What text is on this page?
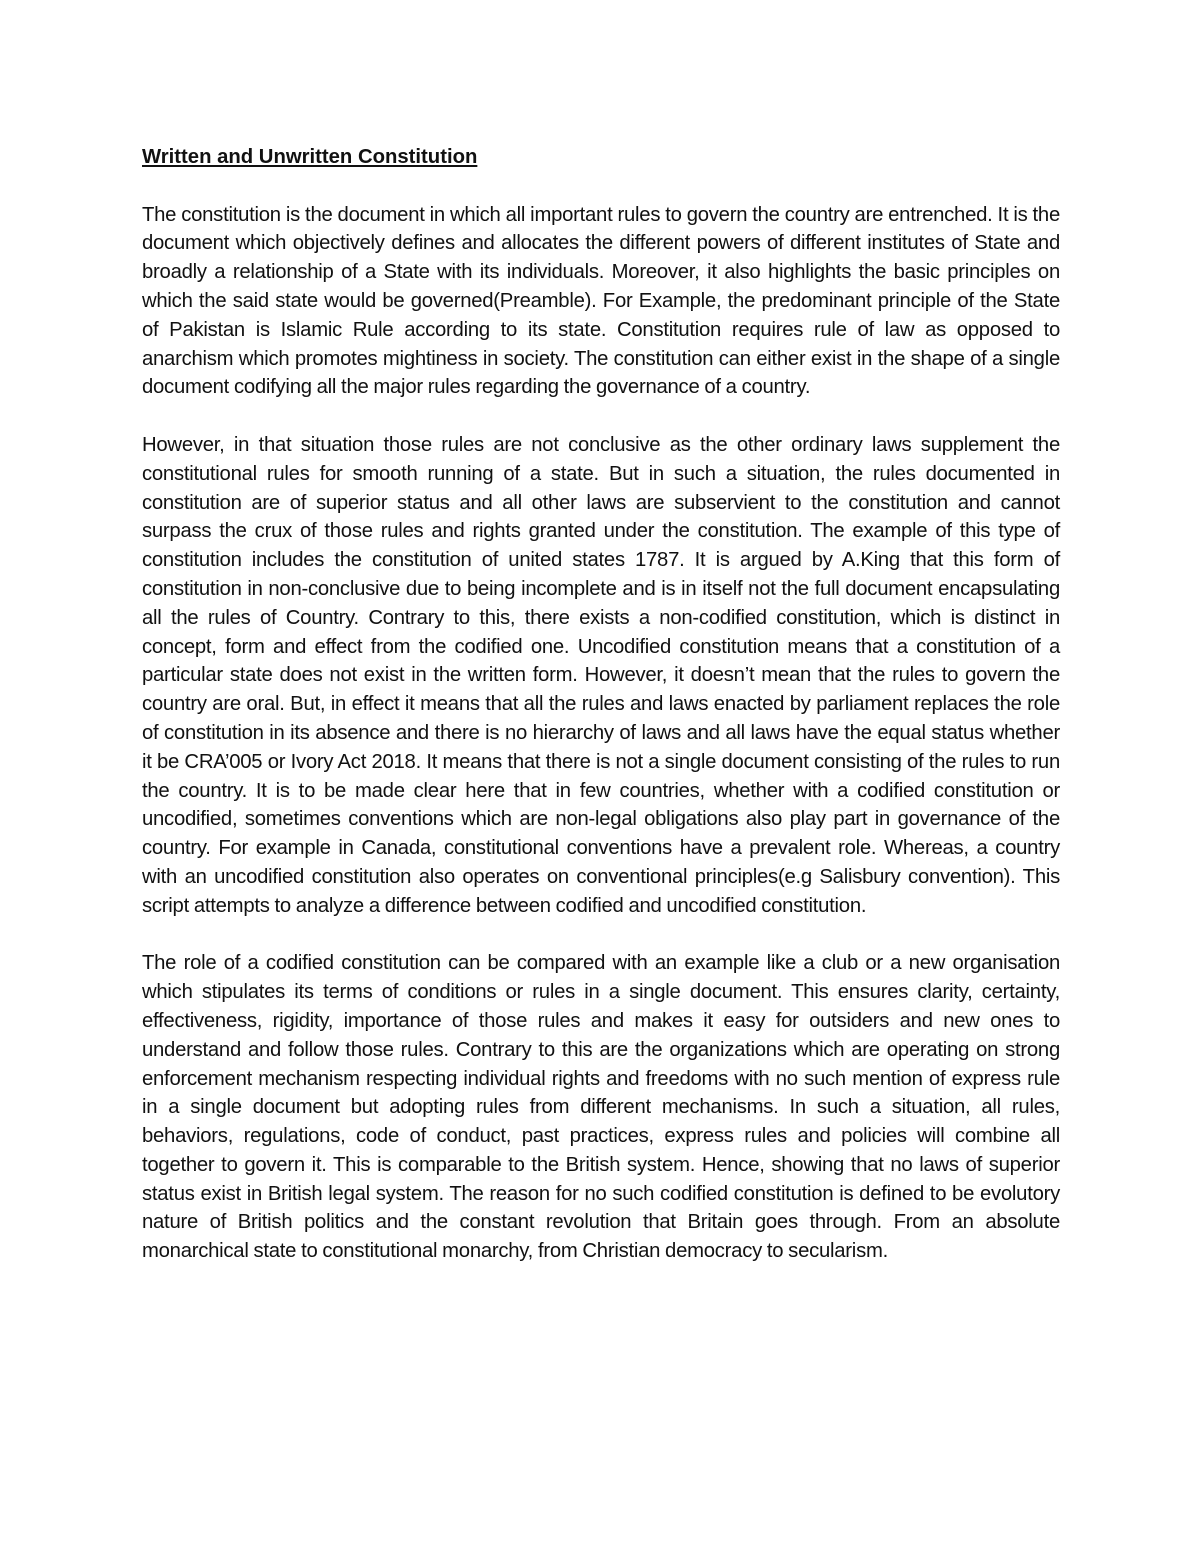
Written and Unwritten Constitution

The constitution is the document in which all important rules to govern the country are entrenched. It is the document which objectively defines and allocates the different powers of different institutes of State and broadly a relationship of a State with its individuals. Moreover, it also highlights the basic principles on which the said state would be governed(Preamble). For Example, the predominant principle of the State of Pakistan is Islamic Rule according to its state. Constitution requires rule of law as opposed to anarchism which promotes mightiness in society. The constitution can either exist in the shape of a single document codifying all the major rules regarding the governance of a country.

However, in that situation those rules are not conclusive as the other ordinary laws supplement the constitutional rules for smooth running of a state. But in such a situation, the rules documented in constitution are of superior status and all other laws are subservient to the constitution and cannot surpass the crux of those rules and rights granted under the constitution. The example of this type of constitution includes the constitution of united states 1787. It is argued by A.King that this form of constitution in non-conclusive due to being incomplete and is in itself not the full document encapsulating all the rules of Country. Contrary to this, there exists a non-codified constitution, which is distinct in concept, form and effect from the codified one. Uncodified constitution means that a constitution of a particular state does not exist in the written form. However, it doesn’t mean that the rules to govern the country are oral. But, in effect it means that all the rules and laws enacted by parliament replaces the role of constitution in its absence and there is no hierarchy of laws and all laws have the equal status whether it be CRA’005 or Ivory Act 2018. It means that there is not a single document consisting of the rules to run the country. It is to be made clear here that in few countries, whether with a codified constitution or uncodified, sometimes conventions which are non-legal obligations also play part in governance of the country. For example in Canada, constitutional conventions have a prevalent role. Whereas, a country with an uncodified constitution also operates on conventional principles(e.g Salisbury convention). This script attempts to analyze a difference between codified and uncodified constitution.

The role of a codified constitution can be compared with an example like a club or a new organisation which stipulates its terms of conditions or rules in a single document. This ensures clarity, certainty, effectiveness, rigidity, importance of those rules and makes it easy for outsiders and new ones to understand and follow those rules. Contrary to this are the organizations which are operating on strong enforcement mechanism respecting individual rights and freedoms with no such mention of express rule in a single document but adopting rules from different mechanisms. In such a situation, all rules, behaviors, regulations, code of conduct, past practices, express rules and policies will combine all together to govern it. This is comparable to the British system. Hence, showing that no laws of superior status exist in British legal system. The reason for no such codified constitution is defined to be evolutory nature of British politics and the constant revolution that Britain goes through. From an absolute monarchical state to constitutional monarchy, from Christian democracy to secularism.
